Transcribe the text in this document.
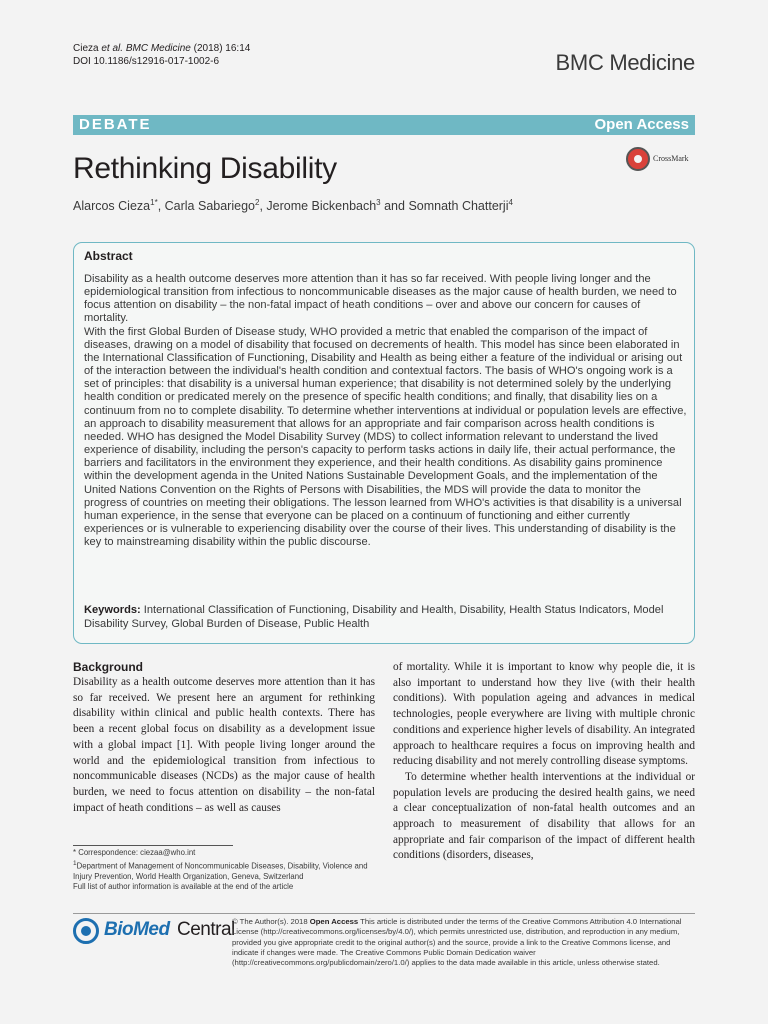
Cieza et al. BMC Medicine (2018) 16:14
DOI 10.1186/s12916-017-1002-6	BMC Medicine
DEBATE	Open Access
Rethinking Disability	CrossMark
Alarcos Cieza$^{1*}$, Carla Sabariego$^2$, Jerome Bickenbach$^3$ and Somnath Chatterji$^4$
Abstract

Disability as a health outcome deserves more attention than it has so far received. With people living longer and the epidemiological transition from infectious to noncommunicable diseases as the major cause of health burden, we need to focus attention on disability – the non-fatal impact of heath conditions – over and above our concern for causes of mortality.

With the first Global Burden of Disease study, WHO provided a metric that enabled the comparison of the impact of diseases, drawing on a model of disability that focused on decrements of health. This model has since been elaborated in the International Classification of Functioning, Disability and Health as being either a feature of the individual or arising out of the interaction between the individual's health condition and contextual factors. The basis of WHO's ongoing work is a set of principles: that disability is a universal human experience; that disability is not determined solely by the underlying health condition or predicated merely on the presence of specific health conditions; and finally, that disability lies on a continuum from no to complete disability. To determine whether interventions at individual or population levels are effective, an approach to disability measurement that allows for an appropriate and fair comparison across health conditions is needed. WHO has designed the Model Disability Survey (MDS) to collect information relevant to understand the lived experience of disability, including the person's capacity to perform tasks actions in daily life, their actual performance, the barriers and facilitators in the environment they experience, and their health conditions. As disability gains prominence within the development agenda in the United Nations Sustainable Development Goals, and the implementation of the United Nations Convention on the Rights of Persons with Disabilities, the MDS will provide the data to monitor the progress of countries on meeting their obligations. The lesson learned from WHO's activities is that disability is a universal human experience, in the sense that everyone can be placed on a continuum of functioning and either currently experiences or is vulnerable to experiencing disability over the course of their lives. This understanding of disability is the key to mainstreaming disability within the public discourse.

Keywords: International Classification of Functioning, Disability and Health, Disability, Health Status Indicators, Model Disability Survey, Global Burden of Disease, Public Health
Background

Disability as a health outcome deserves more attention than it has so far received. We present here an argument for rethinking disability within clinical and public health contexts. There has been a recent global focus on disability as a development issue with a global impact [1]. With people living longer around the world and the epidemiological transition from infectious to noncommunicable diseases (NCDs) as the major cause of health burden, we need to focus attention on disability – the non-fatal impact of heath conditions – as well as causes

of mortality. While it is important to know why people die, it is also important to understand how they live (with their health conditions). With population ageing and advances in medical technologies, people everywhere are living with multiple chronic conditions and experience higher levels of disability. An integrated approach to healthcare requires a focus on improving health and reducing disability and not merely controlling disease symptoms.

To determine whether health interventions at the individual or population levels are producing the desired health gains, we need a clear conceptualization of non-fatal health outcomes and an approach to measurement of disability that allows for an appropriate and fair comparison of the impact of different health conditions (disorders, diseases,

* Correspondence: ciezaa@who.int

$^1$Department of Management of Noncommunicable Diseases, Disability, Violence and Injury Prevention, World Health Organization, Geneva, Switzerland

Full list of author information is available at the end of the article

BioMed Central
© The Author(s). 2018 Open Access This article is distributed under the terms of the Creative Commons Attribution 4.0 International License (http://creativecommons.org/licenses/by/4.0/), which permits unrestricted use, distribution, and reproduction in any medium, provided you give appropriate credit to the original author(s) and the source, provide a link to the Creative Commons license, and indicate if changes were made. The Creative Commons Public Domain Dedication waiver (http://creativecommons.org/publicdomain/zero/1.0/) applies to the data made available in this article, unless otherwise stated.
